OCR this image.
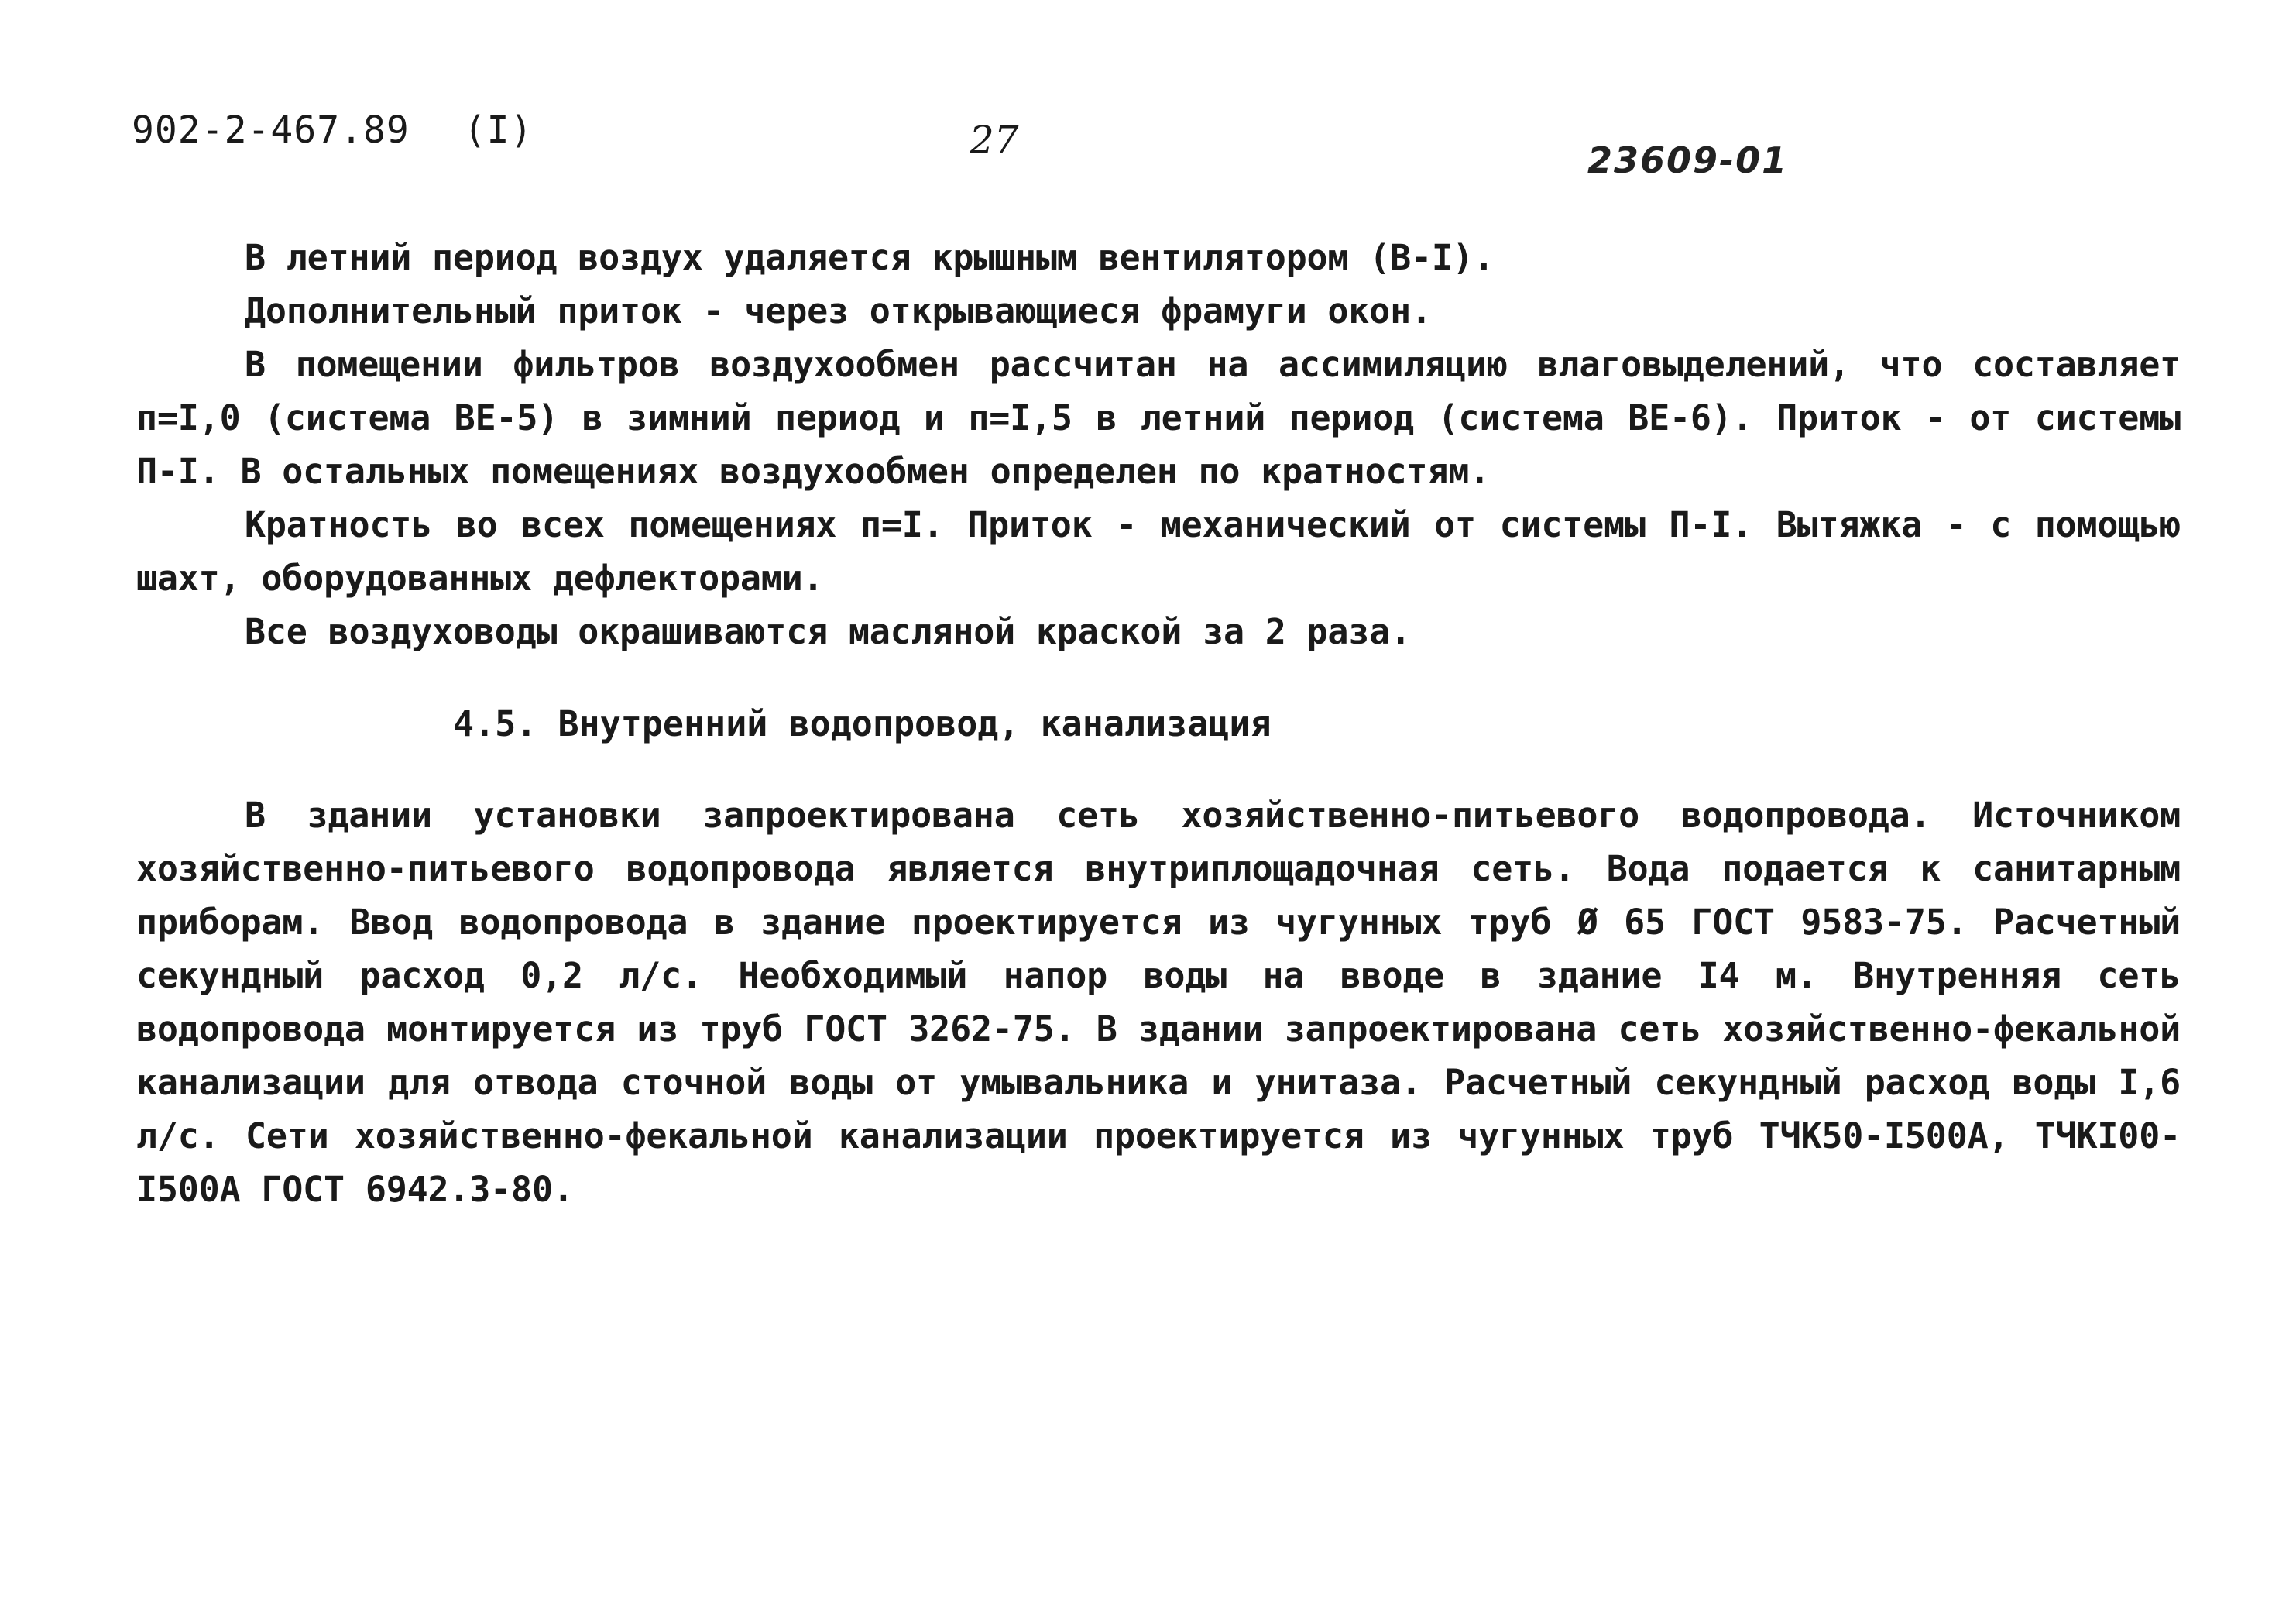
902-2-467.89 (I)	27	23609-01

В летний период воздух удаляется крышным вентилятором (В-I).

Дополнительный приток - через открывающиеся фрамуги окон.

В помещении фильтров воздухообмен рассчитан на ассимиляцию влаговыделений, что составляет п=I,0 (система ВЕ-5) в зимний период и п=I,5 в летний период (система ВЕ-6). Приток - от системы П-I. В остальных помещениях воздухообмен определен по кратностям.

Кратность во всех помещениях п=I. Приток - механический от системы П-I. Вытяжка - с помощью шахт, оборудованных дефлекторами.

Все воздуховоды окрашиваются масляной краской за 2 раза.

4.5. Внутренний водопровод, канализация

В здании установки запроектирована сеть хозяйственно-питьевого водопровода. Источником хозяйственно-питьевого водопровода является внутриплощадочная сеть. Вода подается к санитарным приборам. Ввод водопровода в здание проектируется из чугунных труб Ø 65 ГОСТ 9583-75. Расчетный секундный расход 0,2 л/с. Необходимый напор воды на вводе в здание I4 м. Внутренняя сеть водопровода монтируется из труб ГОСТ 3262-75. В здании запроектирована сеть хозяйственно-фекальной канализации для отвода сточной воды от умывальника и унитаза. Расчетный секундный расход воды I,6 л/с. Сети хозяйственно-фекальной канализации проектируется из чугунных труб ТЧК50-I500А, ТЧКI00-I500А ГОСТ 6942.3-80.
